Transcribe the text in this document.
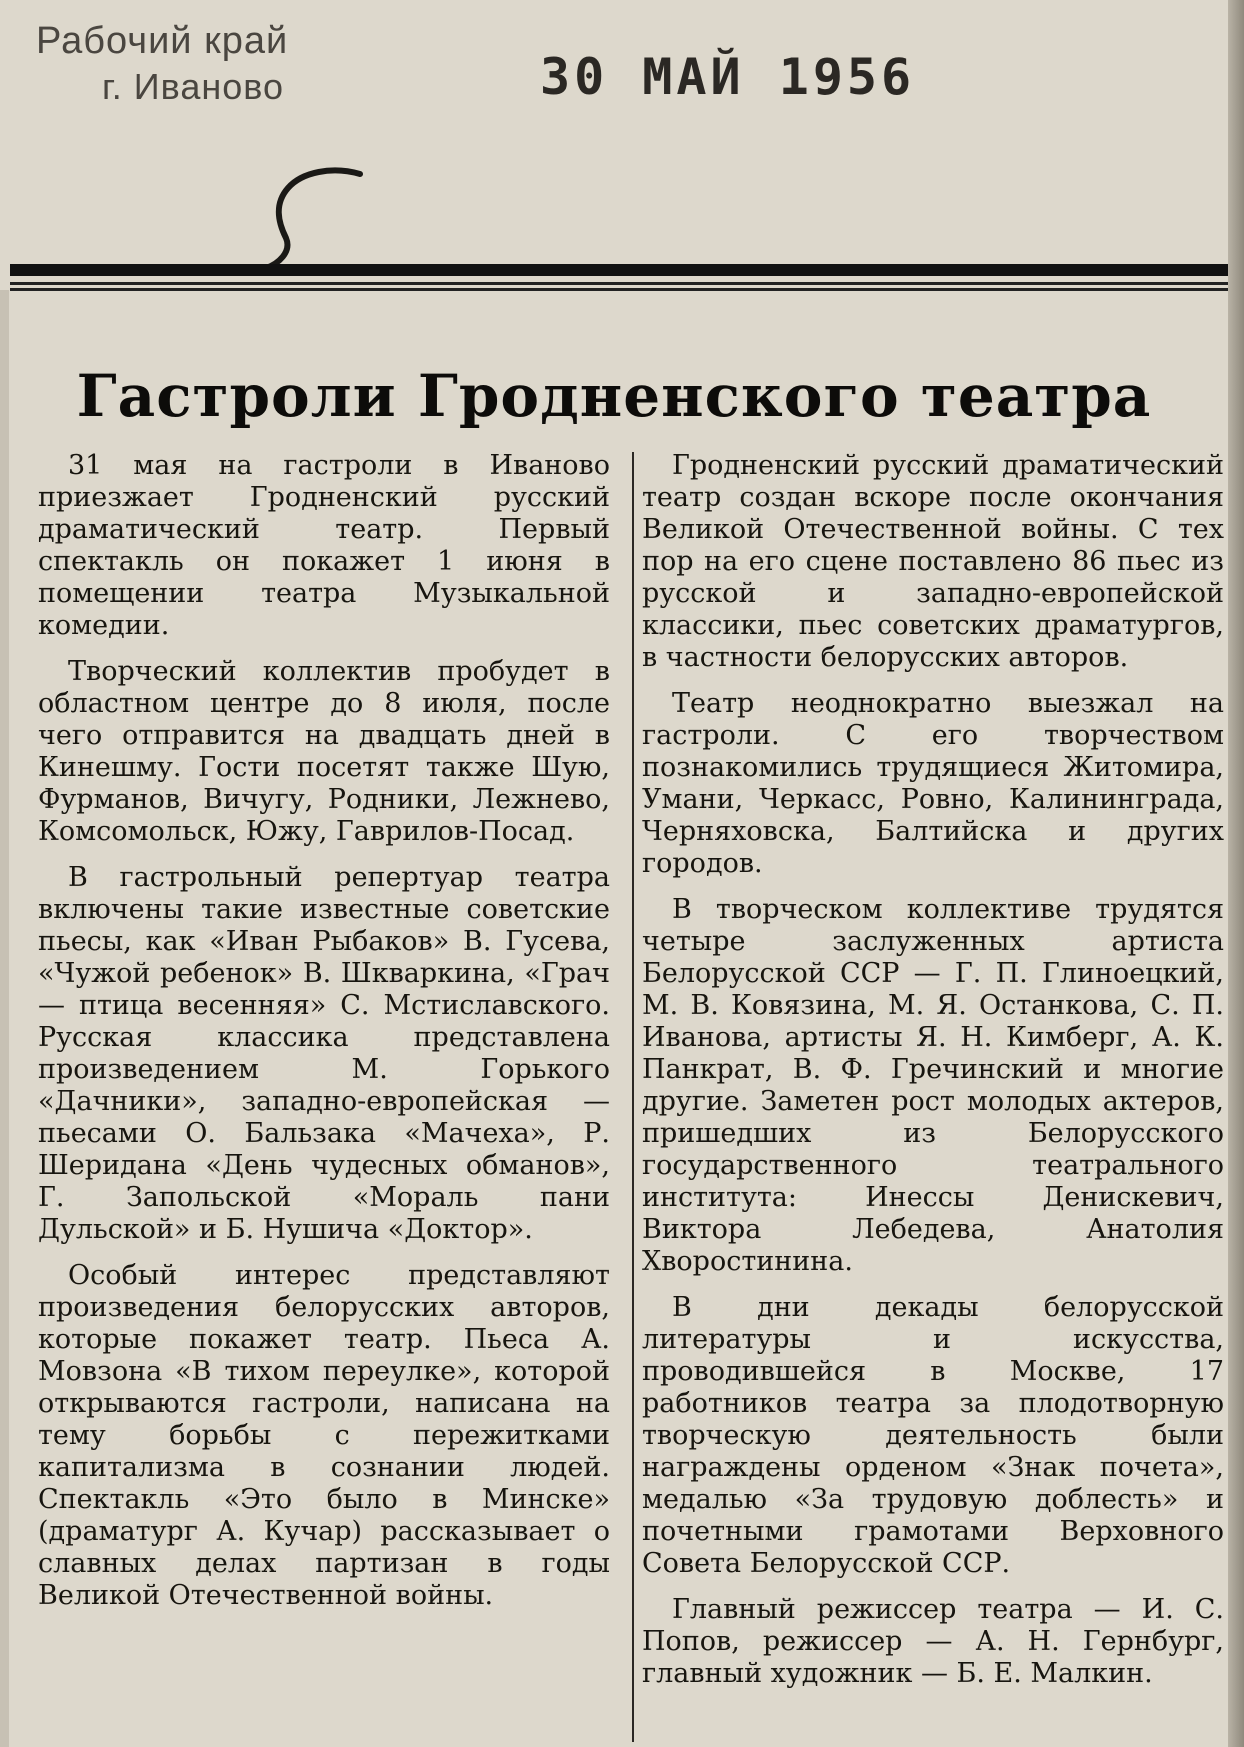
Рабочий край
г. Иваново	30 МАЙ 1956
Гастроли Гродненского театра

31 мая на гастроли в Иваново приезжает Гродненский русский драматический театр. Первый спектакль он покажет 1 июня в помещении театра Музыкальной комедии.

Творческий коллектив пробудет в областном центре до 8 июля, после чего отправится на двадцать дней в Кинешму. Гости посетят также Шую, Фурманов, Вичугу, Родники, Лежнево, Комсомольск, Южу, Гаврилов-Посад.

В гастрольный репертуар театра включены такие известные советские пьесы, как «Иван Рыбаков» В. Гусева, «Чужой ребенок» В. Шкваркина, «Грач — птица весенняя» С. Мстиславского. Русская классика представлена произведением М. Горького «Дачники», западно-европейская — пьесами О. Бальзака «Мачеха», Р. Шеридана «День чудесных обманов», Г. Запольской «Мораль пани Дульской» и Б. Нушича «Доктор».

Особый интерес представляют произведения белорусских авторов, которые покажет театр. Пьеса А. Мовзона «В тихом переулке», которой открываются гастроли, написана на тему борьбы с пережитками капитализма в сознании людей. Спектакль «Это было в Минске» (драматург А. Кучар) рассказывает о славных делах партизан в годы Великой Отечественной войны.

Гродненский русский драматический театр создан вскоре после окончания Великой Отечественной войны. С тех пор на его сцене поставлено 86 пьес из русской и западно-европейской классики, пьес советских драматургов, в частности белорусских авторов.

Театр неоднократно выезжал на гастроли. С его творчеством познакомились трудящиеся Житомира, Умани, Черкасс, Ровно, Калининграда, Черняховска, Балтийска и других городов.

В творческом коллективе трудятся четыре заслуженных артиста Белорусской ССР — Г. П. Глиноецкий, М. В. Ковязина, М. Я. Останкова, С. П. Иванова, артисты Я. Н. Кимберг, А. К. Панкрат, В. Ф. Гречинский и многие другие. Заметен рост молодых актеров, пришедших из Белорусского государственного театрального института: Инессы Денискевич, Виктора Лебедева, Анатолия Хворостинина.

В дни декады белорусской литературы и искусства, проводившейся в Москве, 17 работников театра за плодотворную творческую деятельность были награждены орденом «Знак почета», медалью «За трудовую доблесть» и почетными грамотами Верховного Совета Белорусской ССР.

Главный режиссер театра — И. С. Попов, режиссер — А. Н. Гернбург, главный художник — Б. Е. Малкин.
